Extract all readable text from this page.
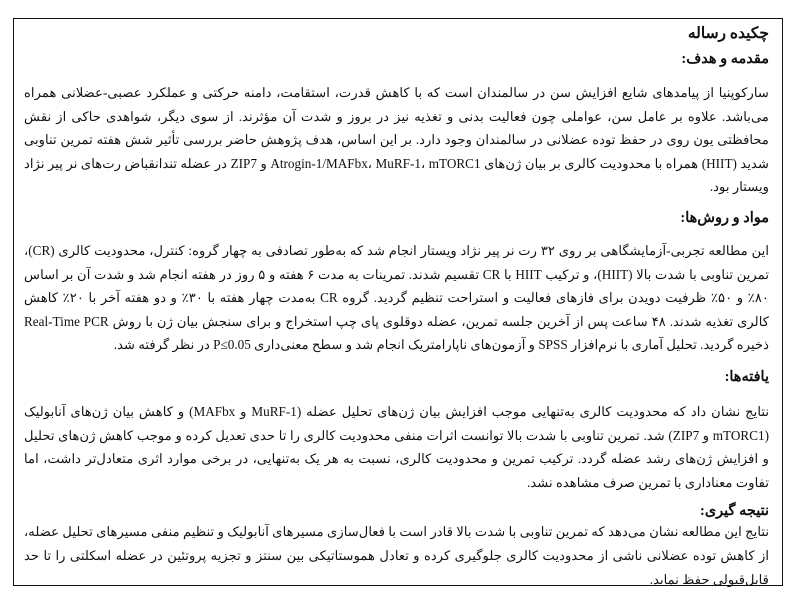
چکیده رساله
مقدمه و هدف:

سارکوپنیا از پیامدهای شایع افزایش سن در سالمندان است که با کاهش قدرت، استقامت، دامنه حرکتی و عملکرد عصبی-عضلانی همراه می‌باشد. علاوه بر عامل سن، عواملی چون فعالیت بدنی و تغذیه نیز در بروز و شدت آن مؤثرند. از سوی دیگر، شواهدی حاکی از نقش محافظتی یون روی در حفظ توده عضلانی در سالمندان وجود دارد. بر این اساس، هدف پژوهش حاضر بررسی تأثیر شش هفته تمرین تناوبی شدید (HIIT) همراه با محدودیت کالری بر بیان ژن‌های Atrogin-1/MAFbx، MuRF-1، mTORC1 و ZIP7 در عضله تندانقباض رت‌های نر پیر نژاد ویستار بود.

مواد و روش‌ها:

این مطالعه تجربی-آزمایشگاهی بر روی ۳۲ رت نر پیر نژاد ویستار انجام شد که به‌طور تصادفی به چهار گروه: کنترل، محدودیت کالری (CR)، تمرین تناوبی با شدت بالا (HIIT)، و ترکیب HIIT با CR تقسیم شدند. تمرینات به مدت ۶ هفته و ۵ روز در هفته انجام شد و شدت آن بر اساس ۸۰٪ و ۵۰٪ ظرفیت دویدن برای فازهای فعالیت و استراحت تنظیم گردید. گروه CR به‌مدت چهار هفته با ۳۰٪ و دو هفته آخر با ۲۰٪ کاهش کالری تغذیه شدند. ۴۸ ساعت پس از آخرین جلسه تمرین، عضله دوقلوی پای چپ استخراج و برای سنجش بیان ژن با روش Real-Time PCR ذخیره گردید. تحلیل آماری با نرم‌افزار SPSS و آزمون‌های ناپارامتریک انجام شد و سطح معنی‌داری P≤0.05 در نظر گرفته شد.

یافته‌ها:

نتایج نشان داد که محدودیت کالری به‌تنهایی موجب افزایش بیان ژن‌های تحلیل عضله (MuRF-1 و MAFbx) و کاهش بیان ژن‌های آنابولیک (mTORC1 و ZIP7) شد. تمرین تناوبی با شدت بالا توانست اثرات منفی محدودیت کالری را تا حدی تعدیل کرده و موجب کاهش ژن‌های تحلیل و افزایش ژن‌های رشد عضله گردد. ترکیب تمرین و محدودیت کالری، نسبت به هر یک به‌تنهایی، در برخی موارد اثری متعادل‌تر داشت، اما تفاوت معناداری با تمرین صرف مشاهده نشد.

نتیجه گیری:

نتایج این مطالعه نشان می‌دهد که تمرین تناوبی با شدت بالا قادر است با فعال‌سازی مسیرهای آنابولیک و تنظیم منفی مسیرهای تحلیل عضله، از کاهش توده عضلانی ناشی از محدودیت کالری جلوگیری کرده و تعادل هموستاتیکی بین سنتز و تجزیه پروتئین در عضله اسکلتی را تا حد قابل‌قبولی حفظ نماید.
